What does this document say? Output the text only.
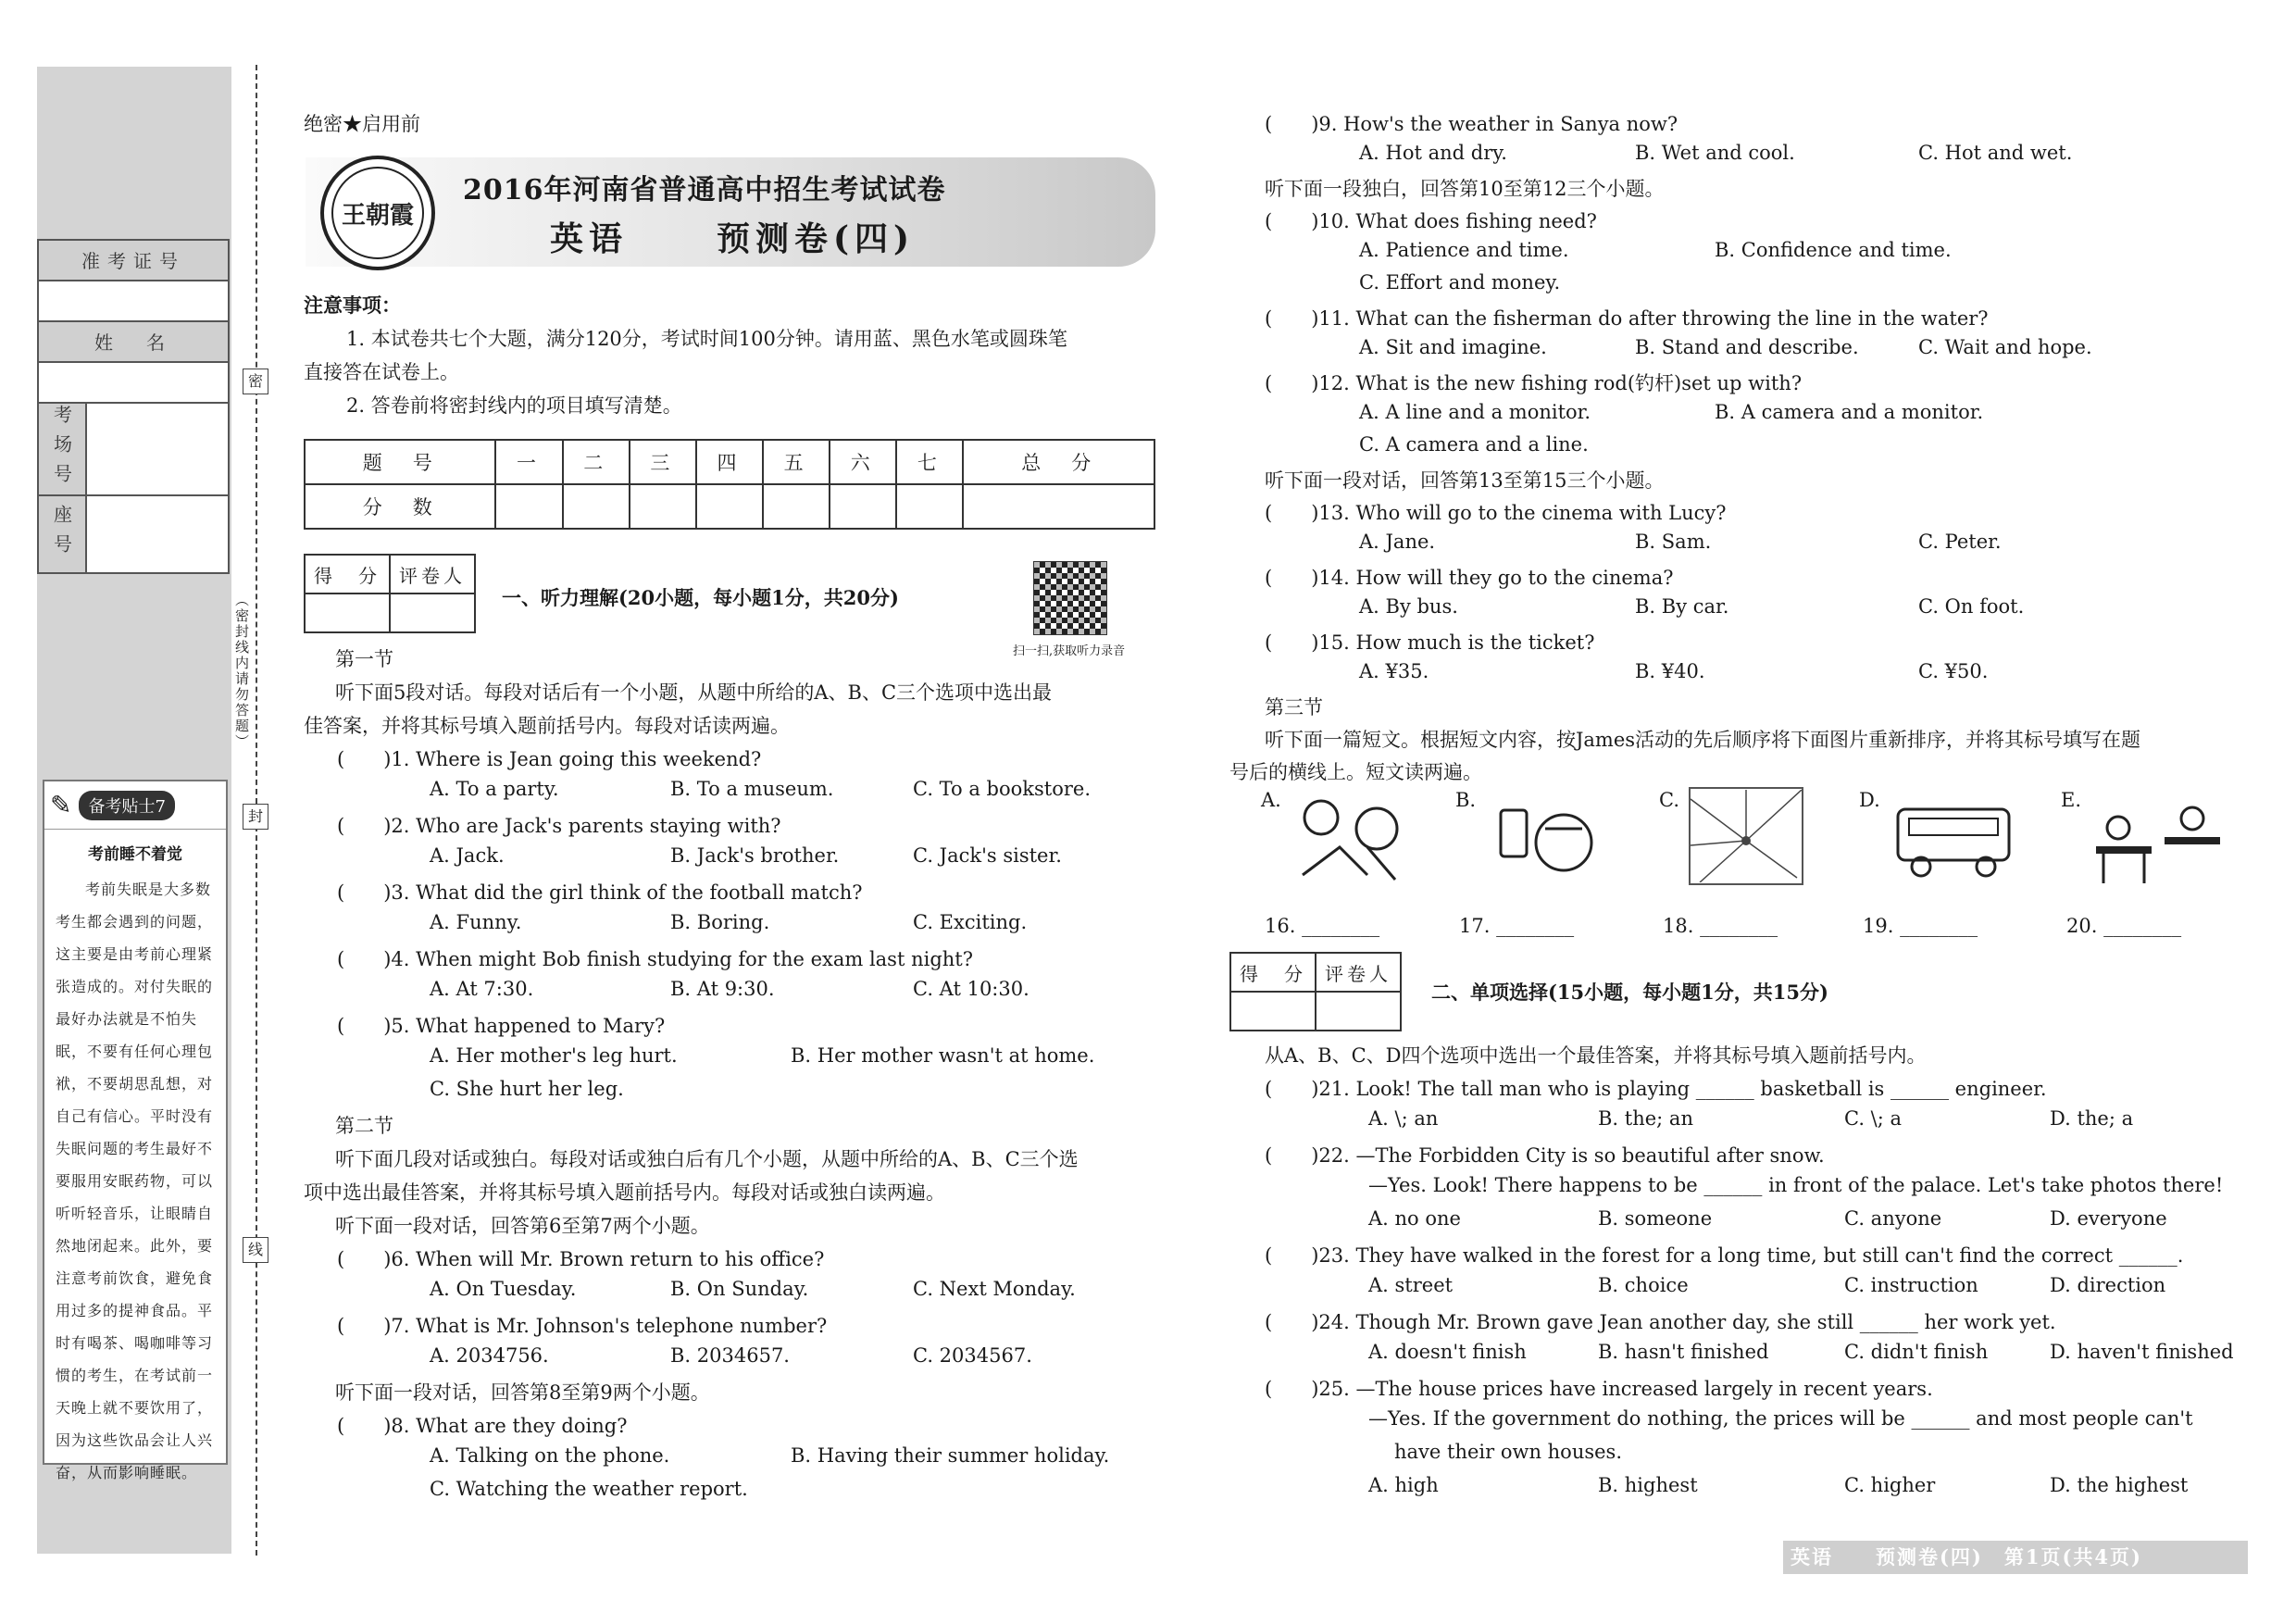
准考证号
姓　名
考场号
座号
密
封
线
（密封线内请勿答题）
✎	备考贴士7
考前睡不着觉
考前失眠是大多数考生都会遇到的问题，这主要是由考前心理紧张造成的。对付失眠的最好办法就是不怕失眠，不要有任何心理包袱，不要胡思乱想，对自己有信心。平时没有失眠问题的考生最好不要服用安眠药物，可以听听轻音乐，让眼睛自然地闭起来。此外，要注意考前饮食，避免食用过多的提神食品。平时有喝茶、喝咖啡等习惯的考生，在考试前一天晚上就不要饮用了，因为这些饮品会让人兴奋，从而影响睡眠。
绝密★启用前
王朝霞
2016年河南省普通高中招生考试试卷
英语	预测卷(四)
注意事项：
1. 本试卷共七个大题，满分120分，考试时间100分钟。请用蓝、黑色水笔或圆珠笔
直接答在试卷上。
2. 答卷前将密封线内的项目填写清楚。
题　号	一	二	三	四	五	六	七	总　分
分　数								
得　分	评卷人

一、听力理解(20小题，每小题1分，共20分)
扫一扫,获取听力录音
第一节
听下面5段对话。每段对话后有一个小题，从题中所给的A、B、C三个选项中选出最
佳答案，并将其标号填入题前括号内。每段对话读两遍。
(　　)1. Where is Jean going this weekend?
A. To a party.	B. To a museum.	C. To a bookstore.
(　　)2. Who are Jack's parents staying with?
A. Jack.	B. Jack's brother.	C. Jack's sister.
(　　)3. What did the girl think of the football match?
A. Funny.	B. Boring.	C. Exciting.
(　　)4. When might Bob finish studying for the exam last night?
A. At 7:30.	B. At 9:30.	C. At 10:30.
(　　)5. What happened to Mary?
A. Her mother's leg hurt.	B. Her mother wasn't at home.
C. She hurt her leg.
第二节
听下面几段对话或独白。每段对话或独白后有几个小题，从题中所给的A、B、C三个选
项中选出最佳答案，并将其标号填入题前括号内。每段对话或独白读两遍。
听下面一段对话，回答第6至第7两个小题。
(　　)6. When will Mr. Brown return to his office?
A. On Tuesday.	B. On Sunday.	C. Next Monday.
(　　)7. What is Mr. Johnson's telephone number?
A. 2034756.	B. 2034657.	C. 2034567.
听下面一段对话，回答第8至第9两个小题。
(　　)8. What are they doing?
A. Talking on the phone.	B. Having their summer holiday.
C. Watching the weather report.
(　　)9. How's the weather in Sanya now?
A. Hot and dry.	B. Wet and cool.	C. Hot and wet.
听下面一段独白，回答第10至第12三个小题。
(　　)10. What does fishing need?
A. Patience and time.	B. Confidence and time.
C. Effort and money.
(　　)11. What can the fisherman do after throwing the line in the water?
A. Sit and imagine.	B. Stand and describe.	C. Wait and hope.
(　　)12. What is the new fishing rod(钓杆)set up with?
A. A line and a monitor.	B. A camera and a monitor.
C. A camera and a line.
听下面一段对话，回答第13至第15三个小题。
(　　)13. Who will go to the cinema with Lucy?
A. Jane.	B. Sam.	C. Peter.
(　　)14. How will they go to the cinema?
A. By bus.	B. By car.	C. On foot.
(　　)15. How much is the ticket?
A. ¥35.	B. ¥40.	C. ¥50.
第三节
听下面一篇短文。根据短文内容，按James活动的先后顺序将下面图片重新排序，并将其标号填写在题
号后的横线上。短文读两遍。
A.	B.	C.	D.	E.
16. ________	17. ________	18. ________	19. ________	20. ________
得　分	评卷人

二、单项选择(15小题，每小题1分，共15分)
从A、B、C、D四个选项中选出一个最佳答案，并将其标号填入题前括号内。
(　　)21. Look! The tall man who is playing ______ basketball is ______ engineer.
A. \; an	B. the; an	C. \; a	D. the; a
(　　)22. —The Forbidden City is so beautiful after snow.
—Yes. Look! There happens to be ______ in front of the palace. Let's take photos there!
A. no one	B. someone	C. anyone	D. everyone
(　　)23. They have walked in the forest for a long time, but still can't find the correct ______.
A. street	B. choice	C. instruction	D. direction
(　　)24. Though Mr. Brown gave Jean another day, she still ______ her work yet.
A. doesn't finish	B. hasn't finished	C. didn't finish	D. haven't finished
(　　)25. —The house prices have increased largely in recent years.
—Yes. If the government do nothing, the prices will be ______ and most people can't
have their own houses.
A. high	B. highest	C. higher	D. the highest
英语　　预测卷(四)　第1页(共4页)
